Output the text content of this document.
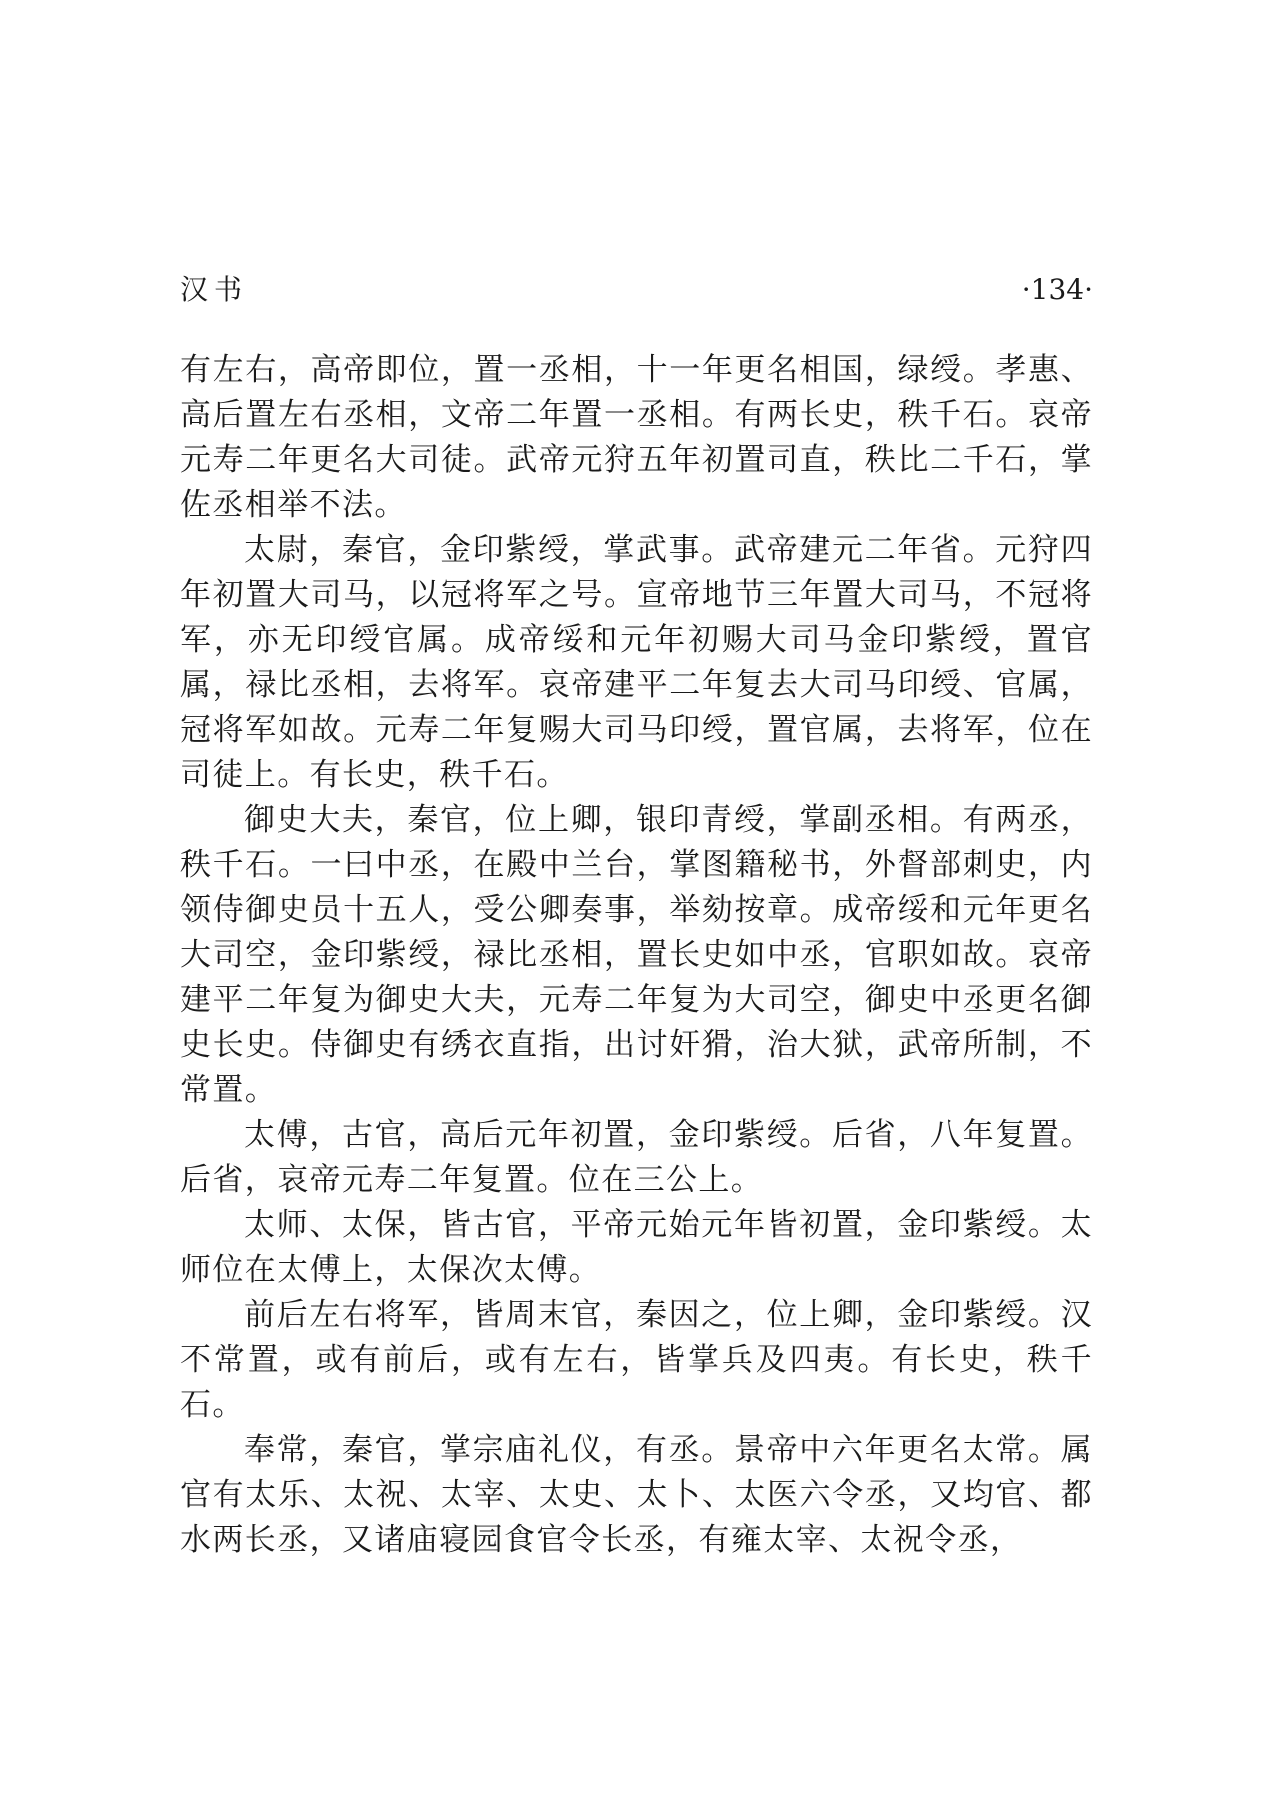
汉书	·134·

有左右，高帝即位，置一丞相，十一年更名相国，绿绶。孝惠、高后置左右丞相，文帝二年置一丞相。有两长史，秩千石。哀帝元寿二年更名大司徒。武帝元狩五年初置司直，秩比二千石，掌佐丞相举不法。

太尉，秦官，金印紫绶，掌武事。武帝建元二年省。元狩四年初置大司马，以冠将军之号。宣帝地节三年置大司马，不冠将军，亦无印绶官属。成帝绥和元年初赐大司马金印紫绶，置官属，禄比丞相，去将军。哀帝建平二年复去大司马印绶、官属，冠将军如故。元寿二年复赐大司马印绶，置官属，去将军，位在司徒上。有长史，秩千石。

御史大夫，秦官，位上卿，银印青绶，掌副丞相。有两丞，秩千石。一曰中丞，在殿中兰台，掌图籍秘书，外督部刺史，内领侍御史员十五人，受公卿奏事，举劾按章。成帝绥和元年更名大司空，金印紫绶，禄比丞相，置长史如中丞，官职如故。哀帝建平二年复为御史大夫，元寿二年复为大司空，御史中丞更名御史长史。侍御史有绣衣直指，出讨奸猾，治大狱，武帝所制，不常置。

太傅，古官，高后元年初置，金印紫绶。后省，八年复置。后省，哀帝元寿二年复置。位在三公上。

太师、太保，皆古官，平帝元始元年皆初置，金印紫绶。太师位在太傅上，太保次太傅。

前后左右将军，皆周末官，秦因之，位上卿，金印紫绶。汉不常置，或有前后，或有左右，皆掌兵及四夷。有长史，秩千石。

奉常，秦官，掌宗庙礼仪，有丞。景帝中六年更名太常。属官有太乐、太祝、太宰、太史、太卜、太医六令丞，又均官、都水两长丞，又诸庙寝园食官令长丞，有雍太宰、太祝令丞，
